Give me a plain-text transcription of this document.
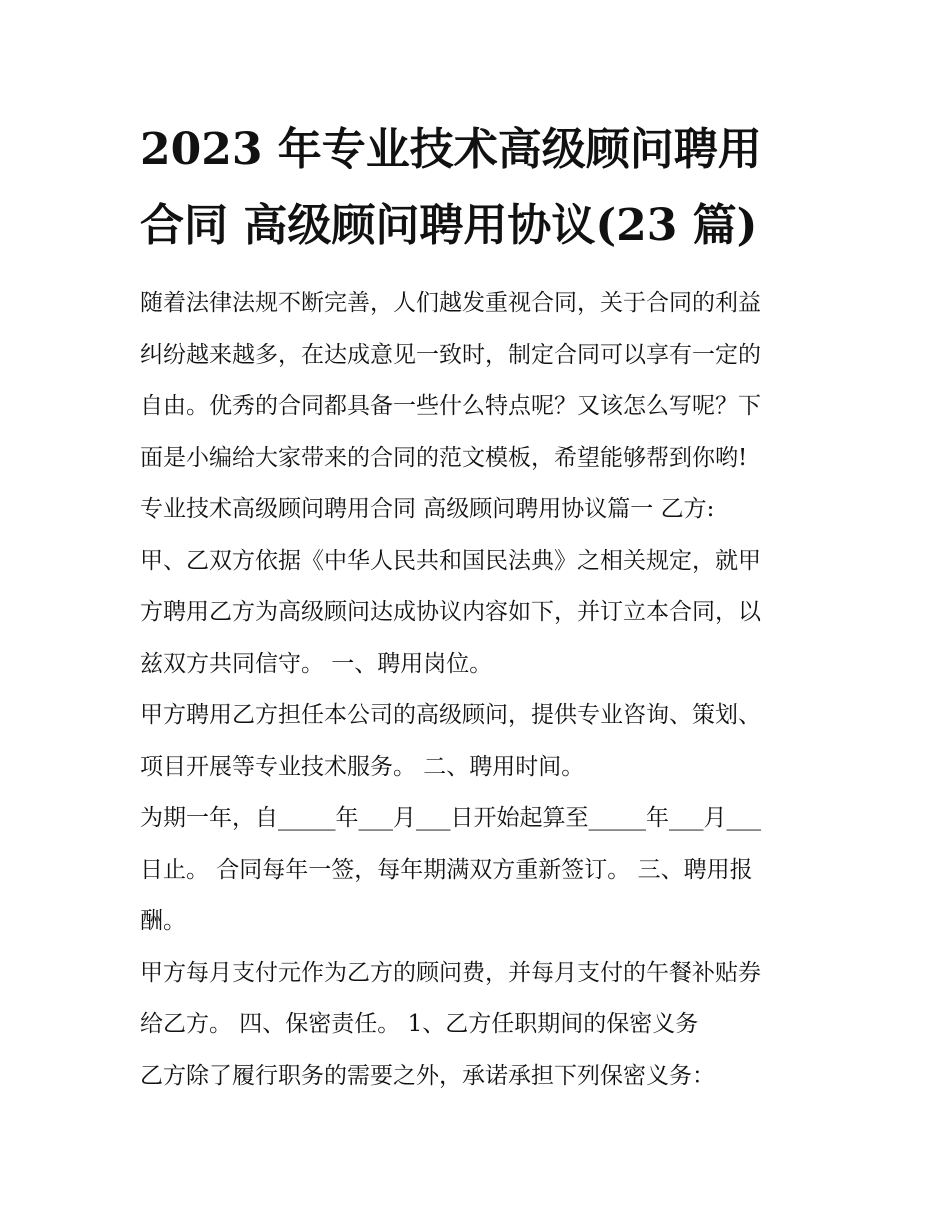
2023 年专业技术高级顾问聘用
合同 高级顾问聘用协议(23 篇)

随着法律法规不断完善，人们越发重视合同，关于合同的利益
纠纷越来越多，在达成意见一致时，制定合同可以享有一定的
自由。优秀的合同都具备一些什么特点呢？又该怎么写呢？下
面是小编给大家带来的合同的范文模板，希望能够帮到你哟!

专业技术高级顾问聘用合同 高级顾问聘用协议篇一 乙方:

甲、乙双方依据《中华人民共和国民法典》之相关规定，就甲
方聘用乙方为高级顾问达成协议内容如下，并订立本合同，以
兹双方共同信守。 一、聘用岗位。

甲方聘用乙方担任本公司的高级顾问，提供专业咨询、策划、
项目开展等专业技术服务。 二、聘用时间。

为期一年，自_____年___月___日开始起算至_____年___月___
日止。 合同每年一签，每年期满双方重新签订。 三、聘用报
酬。

甲方每月支付元作为乙方的顾问费，并每月支付的午餐补贴券
给乙方。 四、保密责任。 1、乙方任职期间的保密义务

乙方除了履行职务的需要之外，承诺承担下列保密义务：
